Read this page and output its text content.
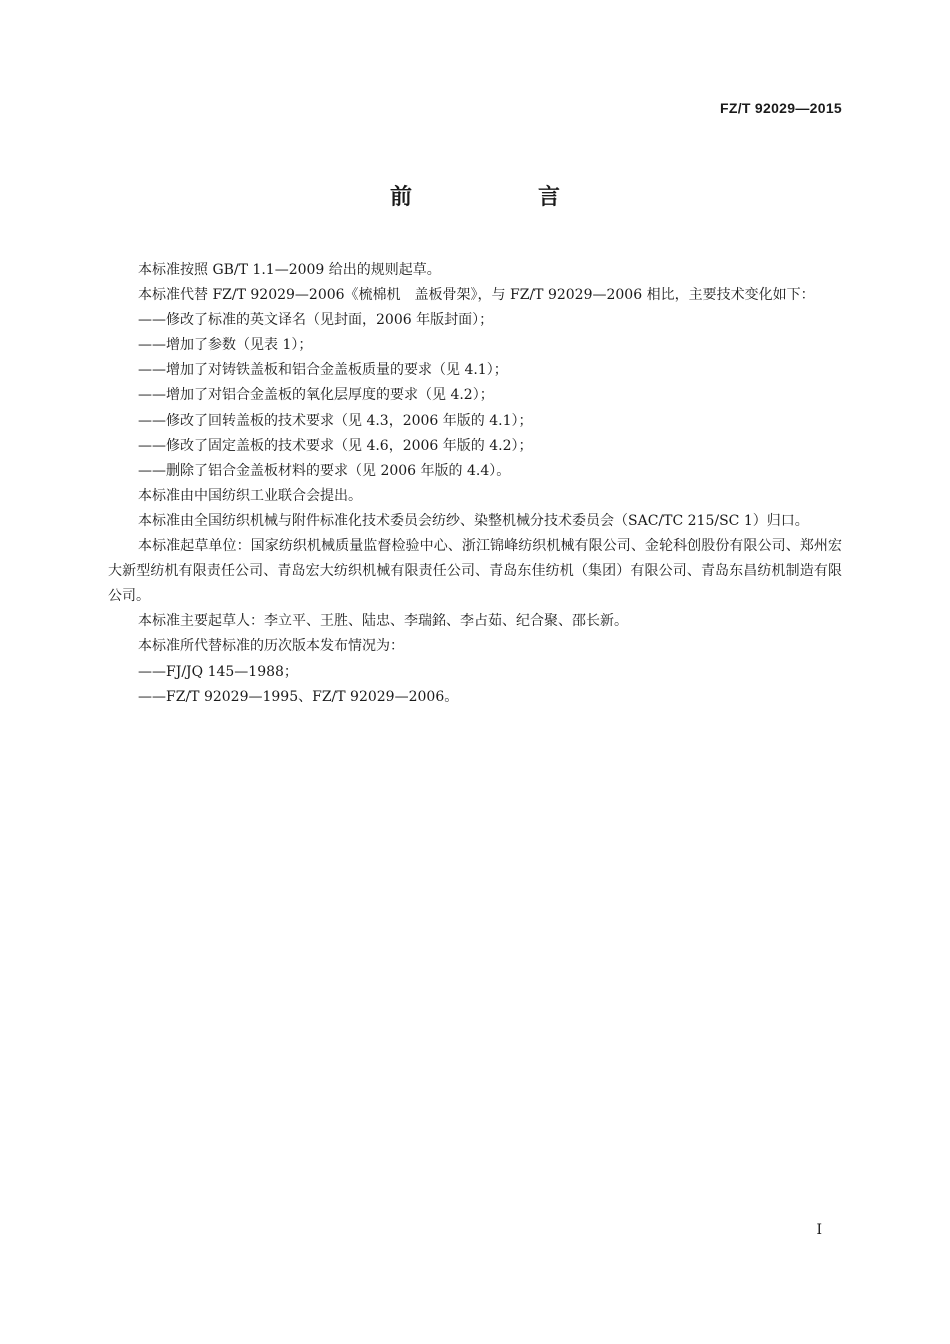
FZ/T 92029—2015
前　言

本标准按照 GB/T 1.1—2009 给出的规则起草。

本标准代替 FZ/T 92029—2006《梳棉机　盖板骨架》，与 FZ/T 92029—2006 相比，主要技术变化如下：

——修改了标准的英文译名（见封面，2006 年版封面）；

——增加了参数（见表 1）；

——增加了对铸铁盖板和铝合金盖板质量的要求（见 4.1）；

——增加了对铝合金盖板的氧化层厚度的要求（见 4.2）；

——修改了回转盖板的技术要求（见 4.3，2006 年版的 4.1）；

——修改了固定盖板的技术要求（见 4.6，2006 年版的 4.2）；

——删除了铝合金盖板材料的要求（见 2006 年版的 4.4）。

本标准由中国纺织工业联合会提出。

本标准由全国纺织机械与附件标准化技术委员会纺纱、染整机械分技术委员会（SAC/TC 215/SC 1）归口。

本标准起草单位：国家纺织机械质量监督检验中心、浙江锦峰纺织机械有限公司、金轮科创股份有限公司、郑州宏大新型纺机有限责任公司、青岛宏大纺织机械有限责任公司、青岛东佳纺机（集团）有限公司、青岛东昌纺机制造有限公司。

本标准主要起草人：李立平、王胜、陆忠、李瑞銘、李占茹、纪合聚、邵长新。

本标准所代替标准的历次版本发布情况为：

——FJ/JQ 145—1988；

——FZ/T 92029—1995、FZ/T 92029—2006。

I
